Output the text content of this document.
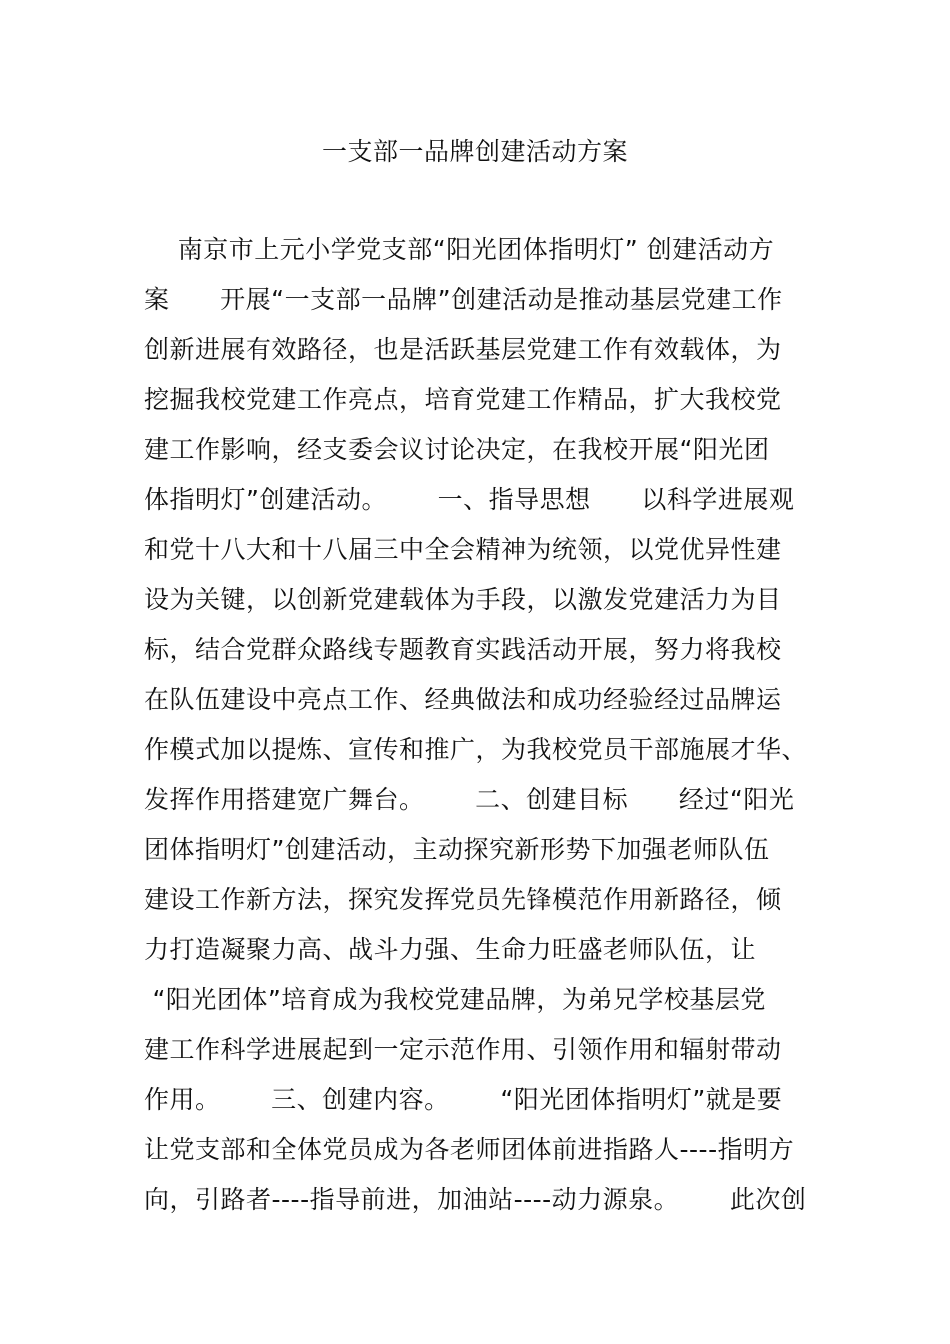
一支部一品牌创建活动方案
南京市上元小学党支部“阳光团体指明灯” 创建活动方
案      开展“一支部一品牌”创建活动是推动基层党建工作
创新进展有效路径，也是活跃基层党建工作有效载体，为
挖掘我校党建工作亮点，培育党建工作精品，扩大我校党
建工作影响，经支委会议讨论决定，在我校开展“阳光团
体指明灯”创建活动。      一、指导思想      以科学进展观
和党十八大和十八届三中全会精神为统领，以党优异性建
设为关键，以创新党建载体为手段，以激发党建活力为目
标，结合党群众路线专题教育实践活动开展，努力将我校
在队伍建设中亮点工作、经典做法和成功经验经过品牌运
作模式加以提炼、宣传和推广，为我校党员干部施展才华、
发挥作用搭建宽广舞台。      二、创建目标      经过“阳光
团体指明灯”创建活动，主动探究新形势下加强老师队伍
建设工作新方法，探究发挥党员先锋模范作用新路径，倾
力打造凝聚力高、战斗力强、生命力旺盛老师队伍，让
“阳光团体”培育成为我校党建品牌，为弟兄学校基层党
建工作科学进展起到一定示范作用、引领作用和辐射带动
作用。      三、创建内容。      “阳光团体指明灯”就是要
让党支部和全体党员成为各老师团体前进指路人----指明方
向，引路者----指导前进，加油站----动力源泉。      此次创
